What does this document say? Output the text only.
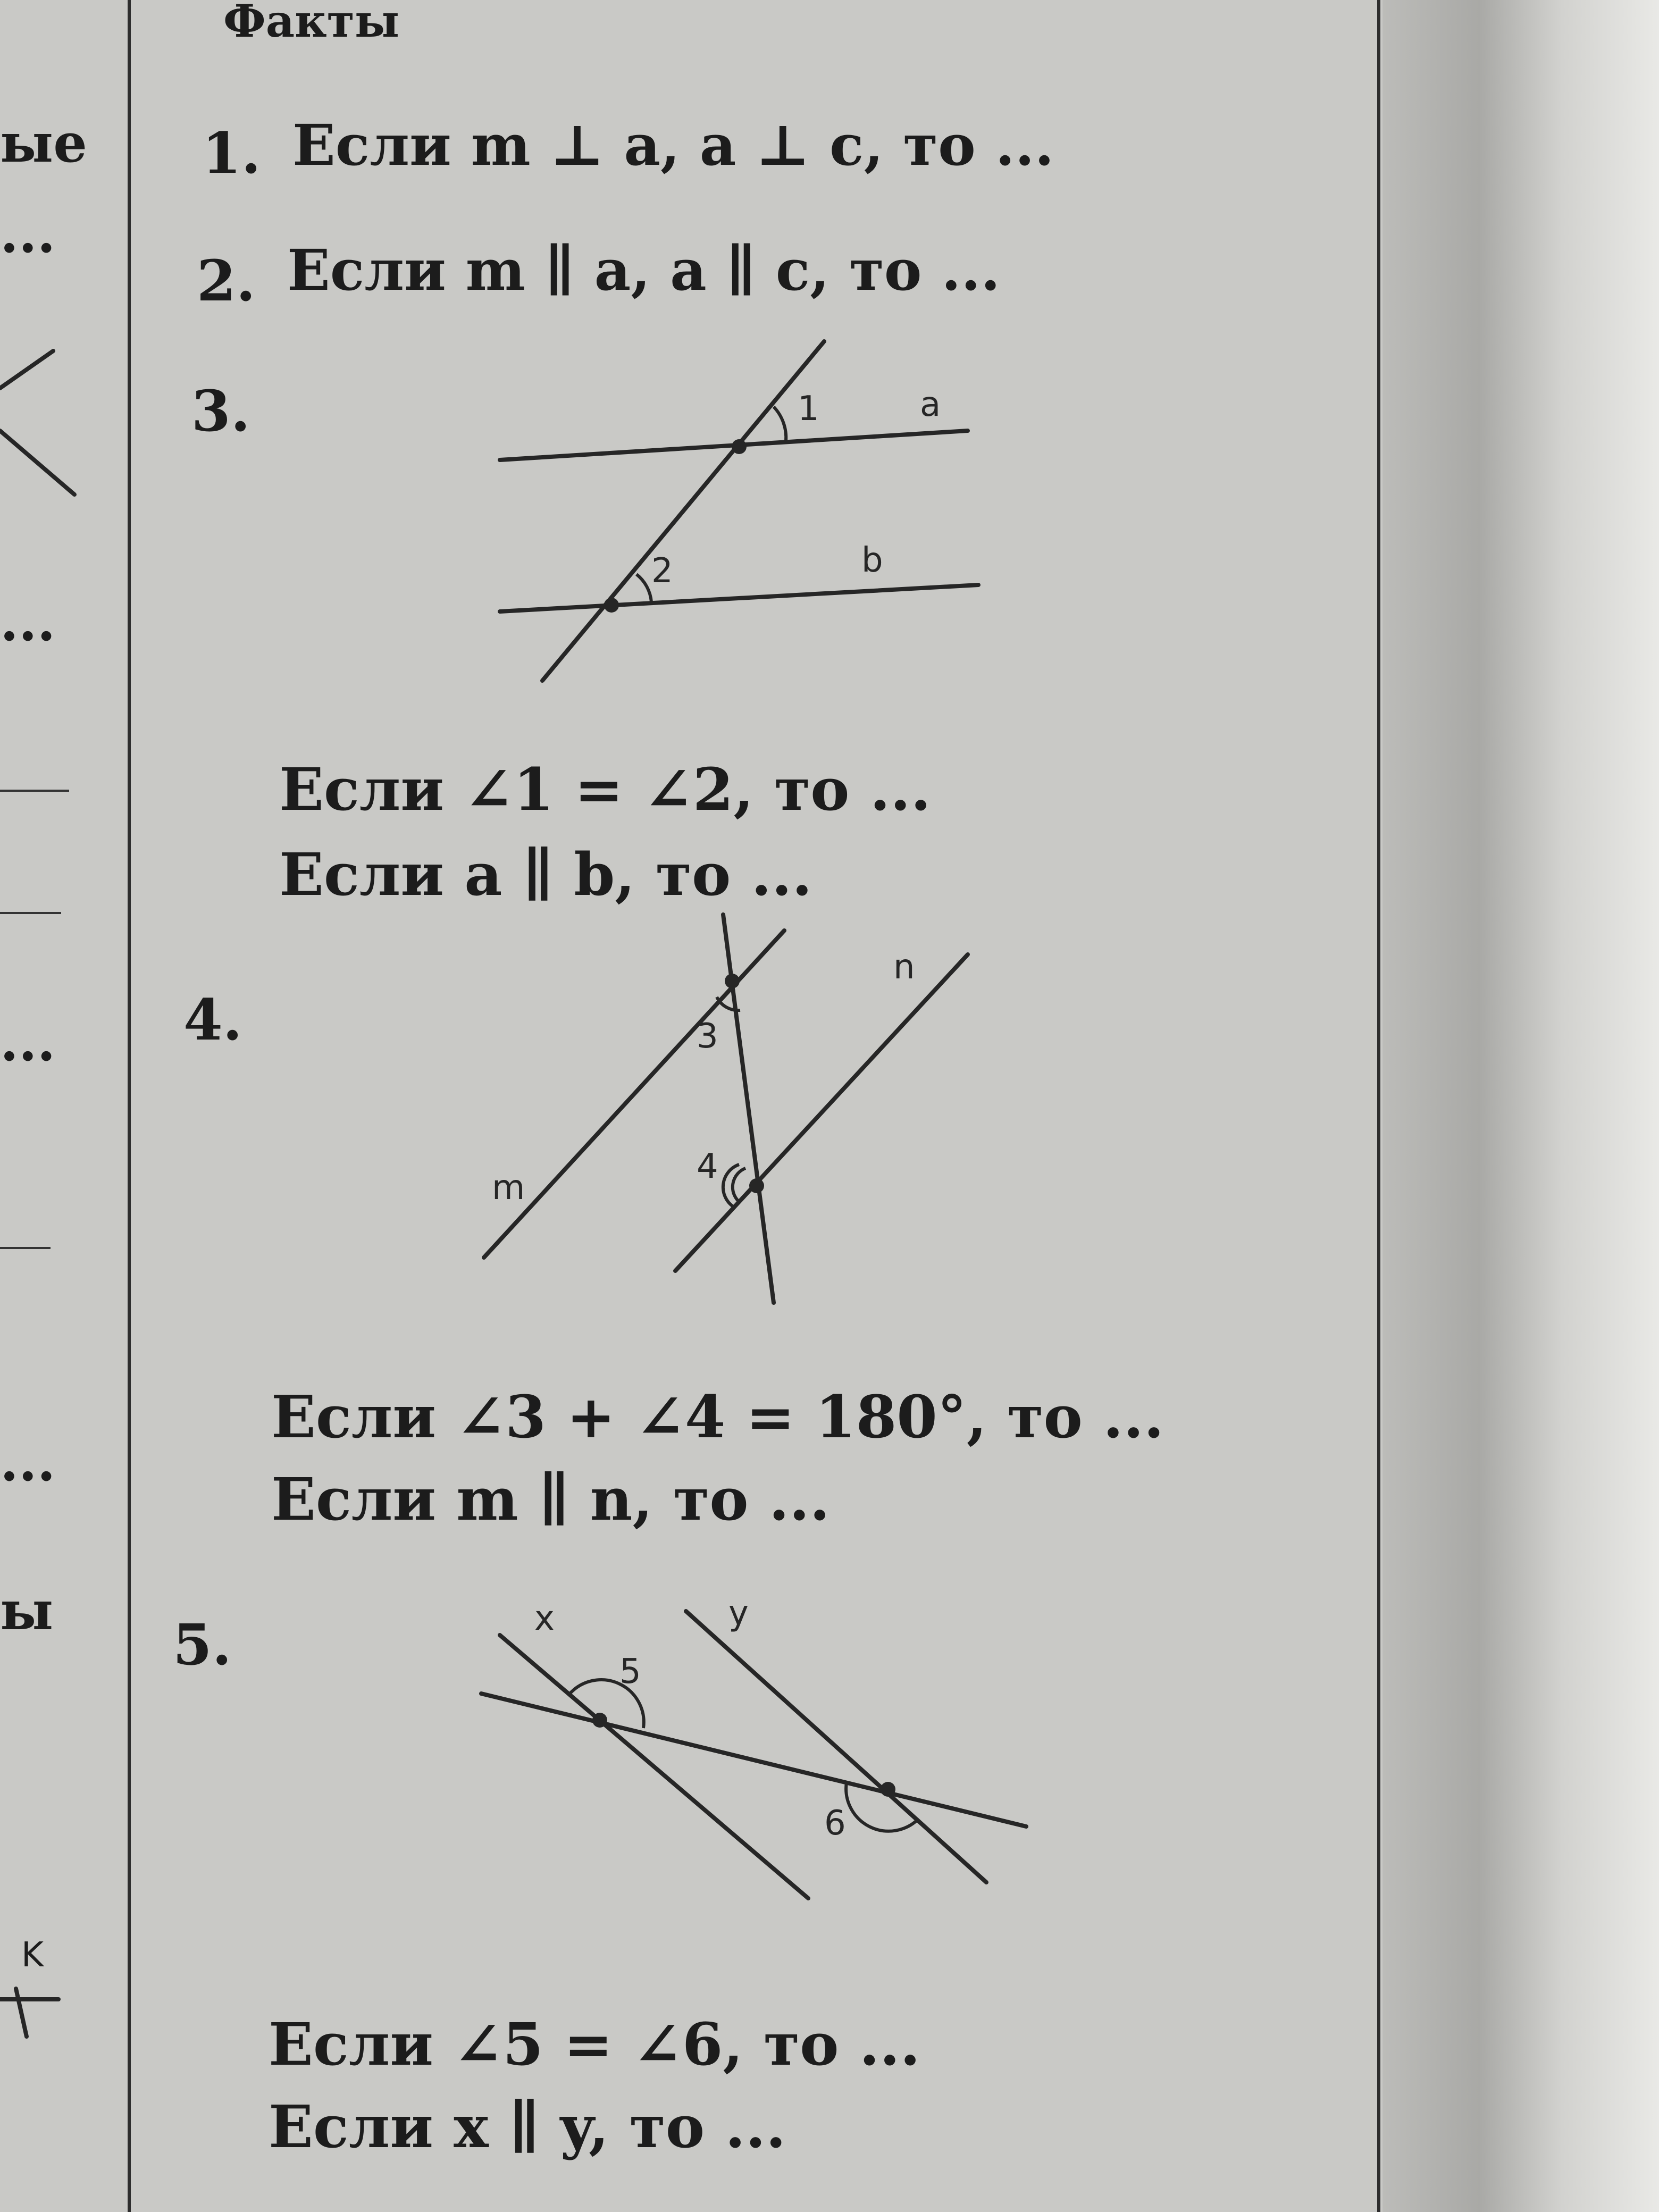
ые
...
...
...
...
ы
K
Факты
1. Если m ⊥ a, a ⊥ c, то ...
2. Если m ∥ a, a ∥ c, то ...
3.	1	a
2	b
Если ∠1 = ∠2, то ...
Если a ∥ b, то ...
4.
n
3
m
4
Если ∠3 + ∠4 = 180°, то ...
Если m ∥ n, то ...
5.	x	y
5
6
Если ∠5 = ∠6, то ...
Если x ∥ y, то ...
